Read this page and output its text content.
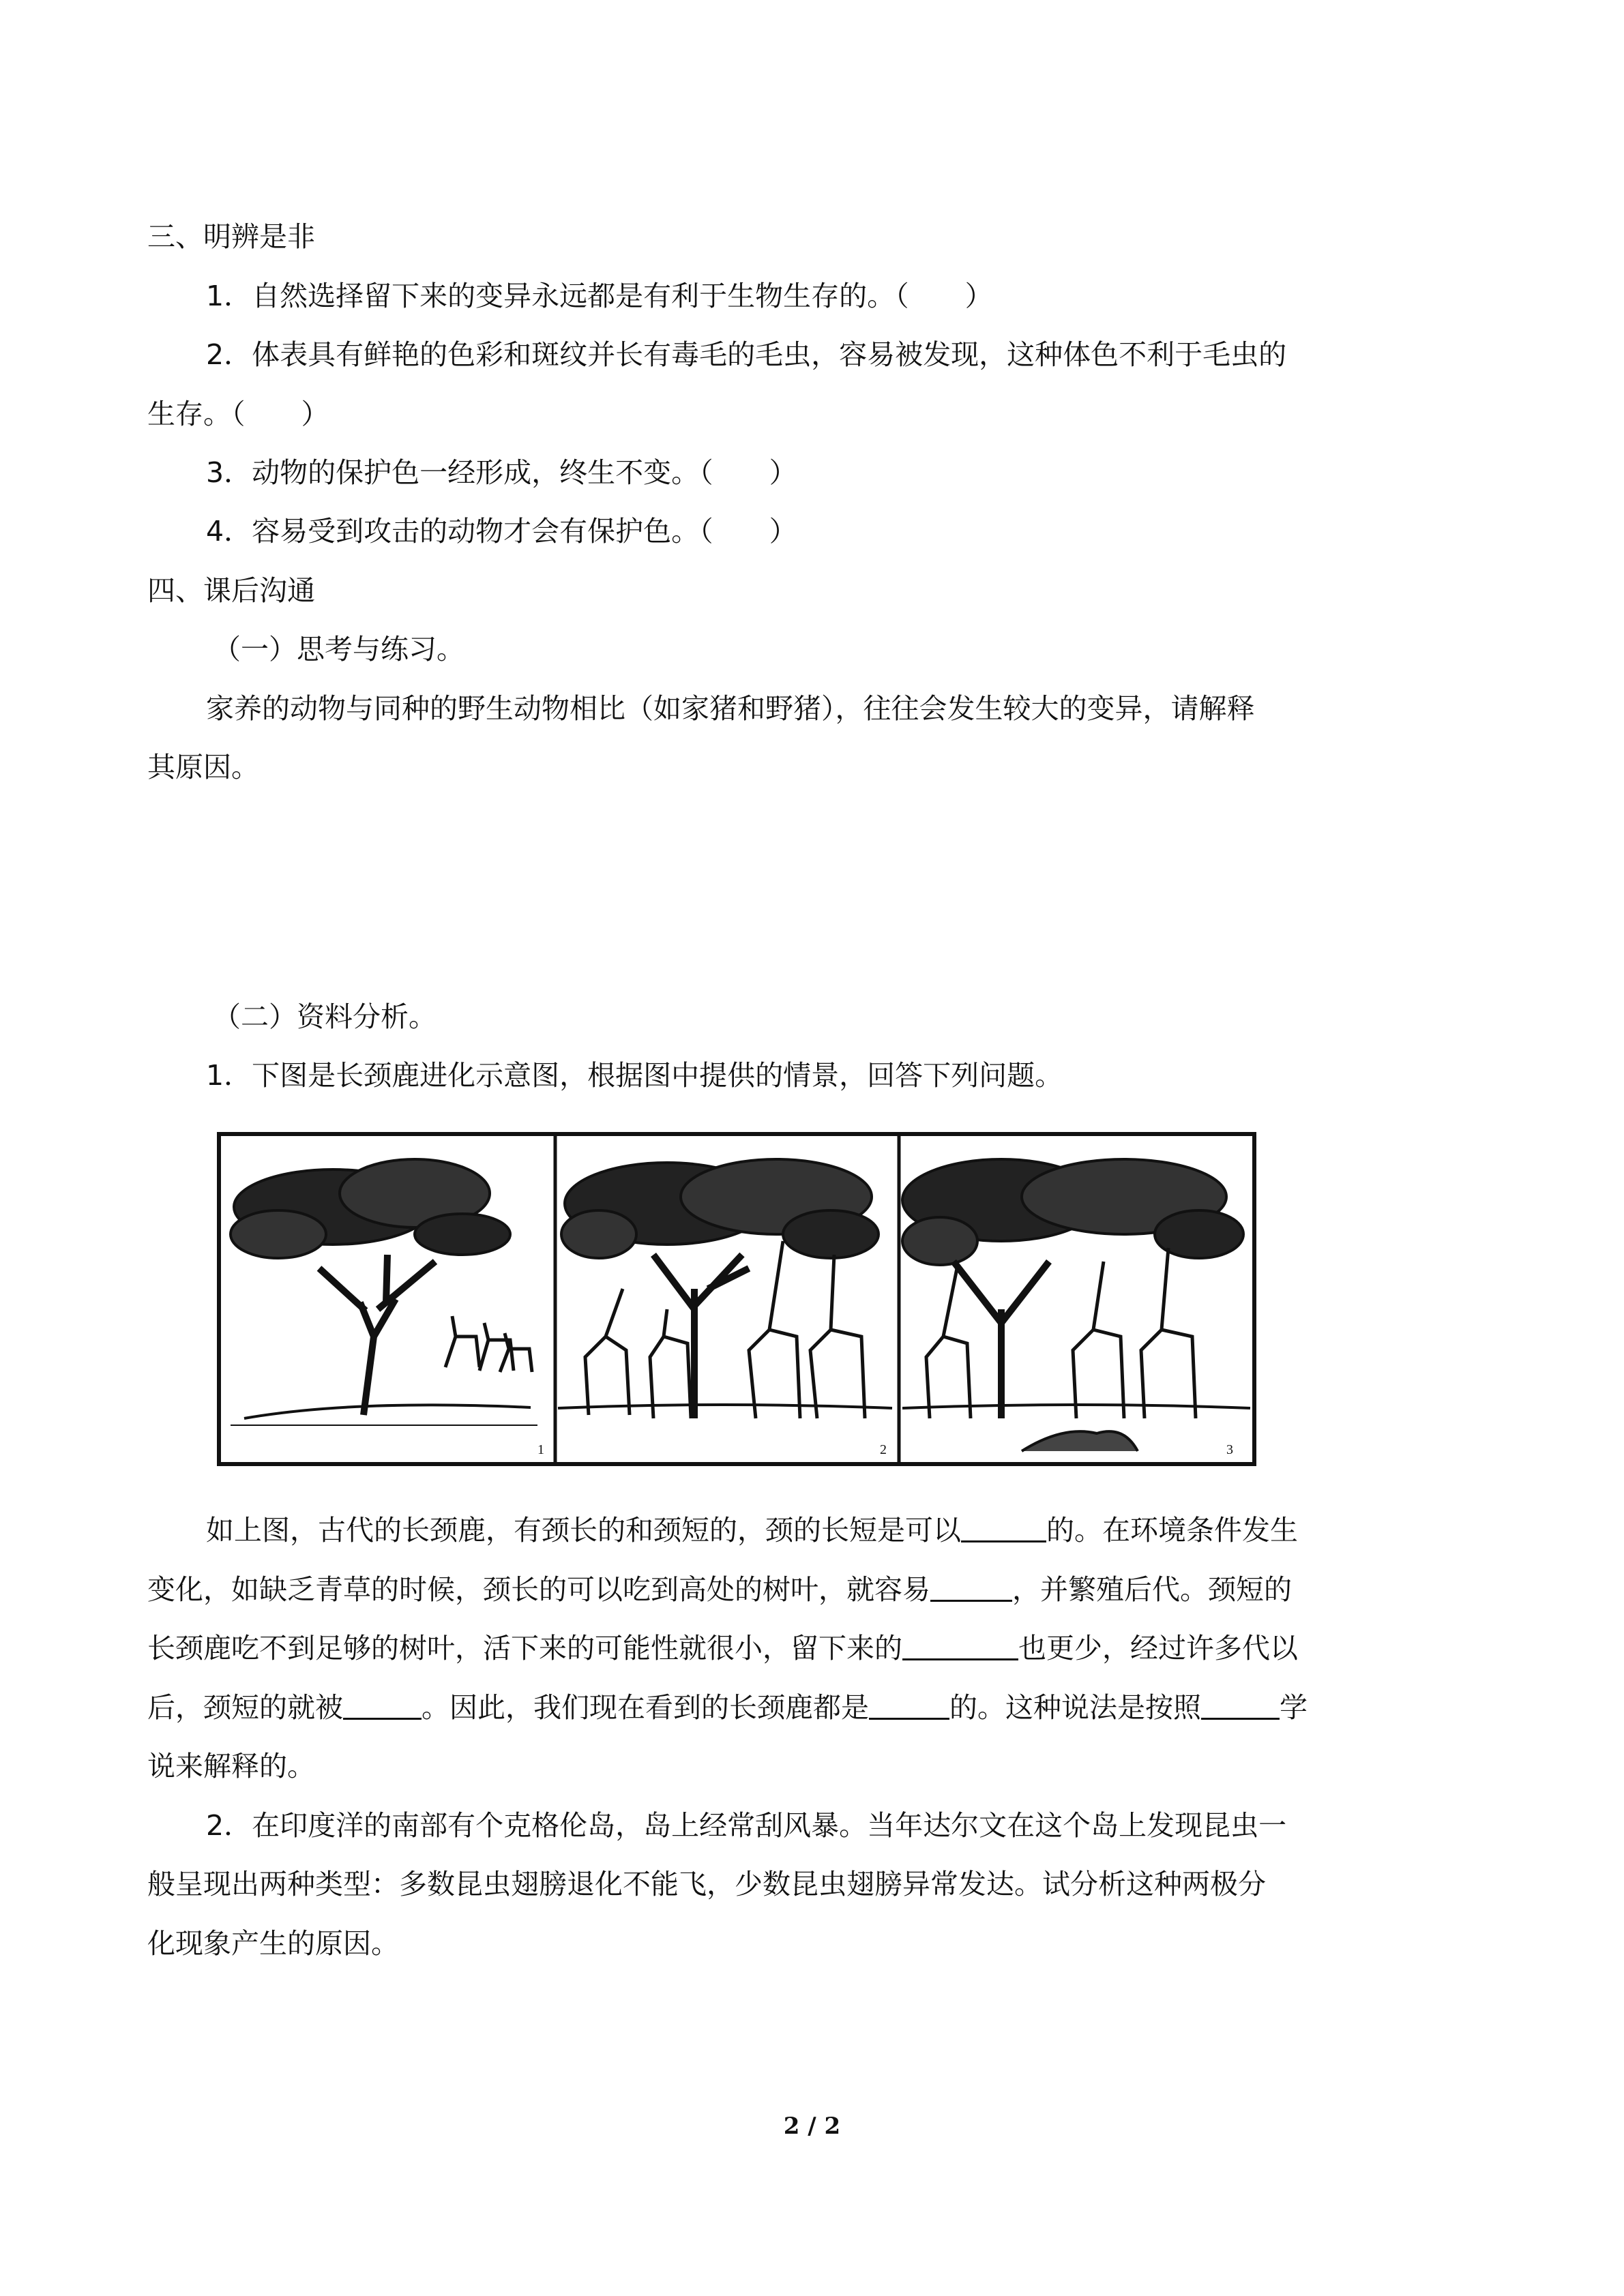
三、明辨是非
1．自然选择留下来的变异永远都是有利于生物生存的。（　　）
2．体表具有鲜艳的色彩和斑纹并长有毒毛的毛虫，容易被发现，这种体色不利于毛虫的
生存。（　　）
3．动物的保护色一经形成，终生不变。（　　）
4．容易受到攻击的动物才会有保护色。（　　）
四、课后沟通
（一）思考与练习。
家养的动物与同种的野生动物相比（如家猪和野猪），往往会发生较大的变异，请解释
其原因。
（二）资料分析。
1．下图是长颈鹿进化示意图，根据图中提供的情景，回答下列问题。
1	2	3
如上图，古代的长颈鹿，有颈长的和颈短的，颈的长短是可以	的。在环境条件发生
变化，如缺乏青草的时候，颈长的可以吃到高处的树叶，就容易	，并繁殖后代。颈短的
长颈鹿吃不到足够的树叶，活下来的可能性就很小，留下来的	也更少，经过许多代以
后，颈短的就被	。因此，我们现在看到的长颈鹿都是	的。这种说法是按照	学
说来解释的。
2．在印度洋的南部有个克格伦岛，岛上经常刮风暴。当年达尔文在这个岛上发现昆虫一
般呈现出两种类型：多数昆虫翅膀退化不能飞，少数昆虫翅膀异常发达。试分析这种两极分
化现象产生的原因。
2 / 2
